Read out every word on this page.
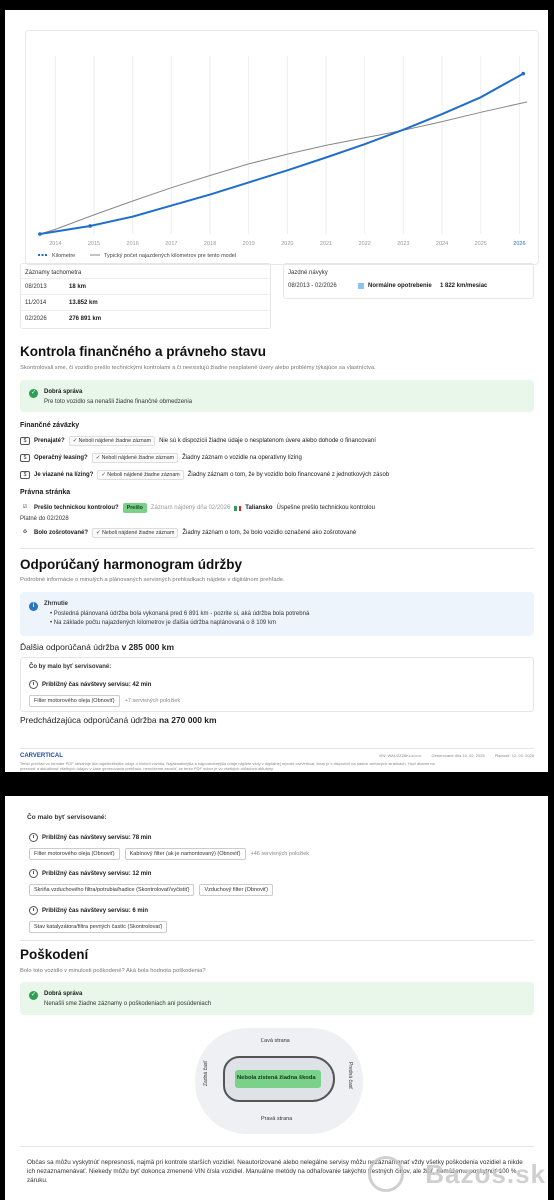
2014	2015	2016	2017	2018	2019	2020	2021	2022	2023	2024	2025	2026
Kilometre	Typický počet najazdených kilometrov pre tento model
Záznamy tachometra
08/2013	18 km
11/2014	13.852 km
02/2026	276 891 km
Jazdné návyky
08/2013 - 02/2026	Normálne opotrebenie	1 822 km/mesiac
Kontrola finančného a právneho stavu
Skontrolovali sme, či vozidlo prešlo technickými kontrolami a či neexistujú žiadne nesplatené úvery alebo problémy týkajúce sa vlastníctva.
✓	Dobrá správa
Pre toto vozidlo sa nenašli žiadne finančné obmedzenia
Finančné záväzky
$	Prenajaté?	✓ Neboli nájdené žiadne záznam	Nie sú k dispozícii žiadne údaje o nesplatenom úvere alebo dohode o financovaní
$	Operačný leasing?	✓ Neboli nájdené žiadne záznam	Žiadny záznam o vozidle na operatívny lízing
$	Je viazané na lízing?	✓ Neboli nájdené žiadne záznam	Žiadny záznam o tom, že by vozidlo bolo financované z jednotkových zásob
Právna stránka
☑	Prešlo technickou kontrolou?	Prešlo	Záznam nájdený dňa 02/2026	Taliansko Úspešne prešlo technickou kontrolou
Platné do 02/2028
♻	Bolo zošrotované?	✓ Neboli nájdené žiadne záznam	Žiadny záznam o tom, že bolo vozidlo označené ako zošrotované
Odporúčaný harmonogram údržby
Podrobné informácie o minulých a plánovaných servisných prehliadkach nájdete v digitálnom prehľade.
i	Zhrnutie
• Posledná plánovaná údržba bola vykonaná pred 6 891 km - pozrite si, aká údržba bola potrebná
• Na základe počtu najazdených kilometrov je ďalšia údržba naplánovaná o 8 109 km
Ďalšia odporúčaná údržba v 285 000 km
Čo by malo byť servisované:
Približný čas návštevy servisu: 42 min
Filter motorového oleja (Obnoviť)	+7 servisných položiek
Predchádzajúca odporúčaná údržba na 270 000 km
CARVERTICAL	VIN: WAUZZZ8K•••••••••	Generované dňa 10. 02. 2026	Platnosť: 12. 03. 2026
Tento prehľad vo formáte PDF obsahuje iba najdôležitejšie údaje o histórii vozidla. Najaktuálnejšia a najpodrobnejšia údaje nájdete vždy v digitálnej reporte carVertical, ktorý je k dispozícii na našich webových stránkach. Hoci dbáme na presnosť a aktuálnosť všetkých údajov v čase generovania prehľadu, nemôžeme zaručiť, že tento PDF súbor je vo všetkých ohľadoch aktuálny.
Čo malo byť servisované:
Približný čas návštevy servisu: 78 min
Filter motorového oleja (Obnoviť)	Kabínový filter (ak je namontovaný) (Obnoviť)	+46 servisných položiek
Približný čas návštevy servisu: 12 min
Skriňa vzduchového filtra/potrubia/hadice (Skontrolovať/vyčistiť)	Vzduchový filter (Obnoviť)
Približný čas návštevy servisu: 6 min
Stav katalyzátora/filtra pevných častíc (Skontrolovať)
Poškodení
Bolo toto vozidlo v minulosti poškodené? Aká bola hodnota poškodenia?
✓	Dobrá správa
Nenašli sme žiadne záznamy o poškodeniach ani posúdeniach
Ľavá strana
Pravá strana
Zadná časť	Predná časť
Nebola zistená žiadna škoda
Občas sa môžu vyskytnúť nepresnosti, najmä pri kontrole starších vozidiel. Neautorizované alebo nelegálne servisy môžu nezaznamenať vždy všetky poškodenia vozidiel a nikde ich nezaznamenávať. Niekedy môžu byť dokonca zmenené VIN čísla vozidiel. Manuálne metódy na odhaľovanie takýchto trestných činov, ale žiaľ, nemôžeme poskytnúť 100 % záruku.	Bazos.sk
